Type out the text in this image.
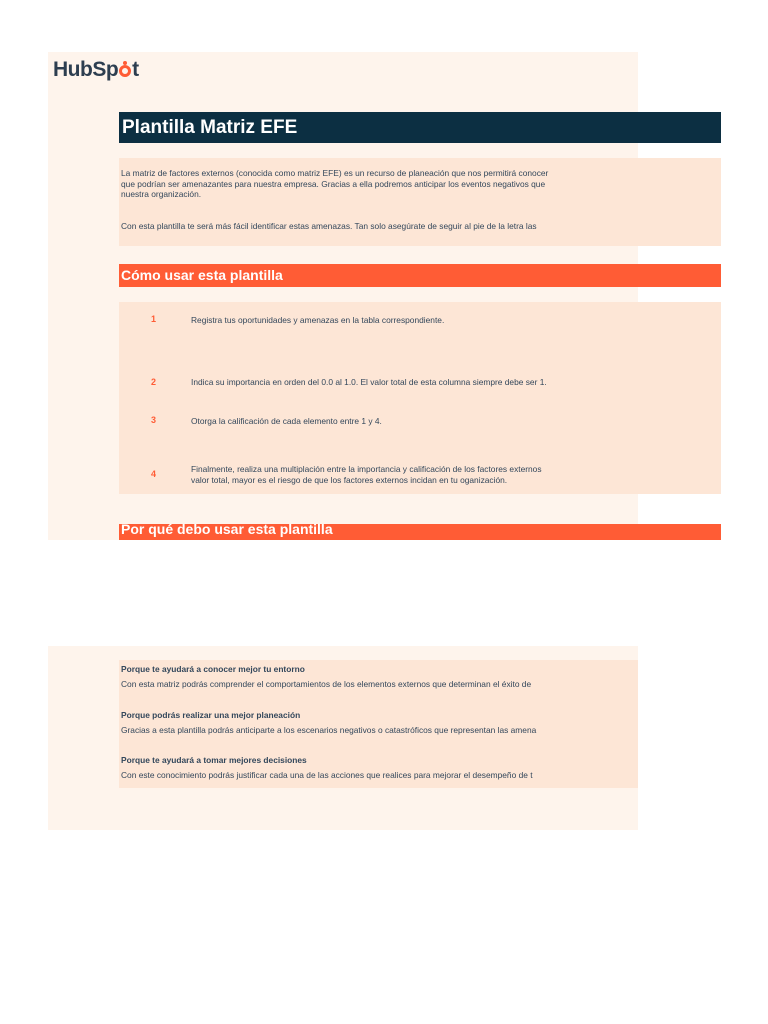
HubSp t
Plantilla Matriz EFE
La matriz de factores externos (conocida como matriz EFE) es un recurso de planeación que nos permitirá conocer
que podrían ser amenazantes para nuestra empresa. Gracias a ella podremos anticipar los eventos negativos que
nuestra organización.
Con esta plantilla te será más fácil identificar estas amenazas. Tan solo asegúrate de seguir al pie de la letra las
Cómo usar esta plantilla
1	Registra tus oportunidades y amenazas en la tabla correspondiente.
2	Indica su importancia en orden del 0.0 al 1.0. El valor total de esta columna siempre debe ser 1.
3	Otorga la calificación de cada elemento entre 1 y 4.
4	Finalmente, realiza una multiplación entre la importancia y calificación de los factores externos
valor total, mayor es el riesgo de que los factores externos incidan en tu oganización.
Por qué debo usar esta plantilla
Porque te ayudará a conocer mejor tu entorno
Con esta matriz podrás comprender el comportamientos de los elementos externos que determinan el éxito de
Porque podrás realizar una mejor planeación
Gracias a esta plantilla podrás anticiparte a los escenarios negativos o catastróficos que representan las amena
Porque te ayudará a tomar mejores decisiones
Con este conocimiento podrás justificar cada una de las acciones que realices para mejorar el desempeño de t
